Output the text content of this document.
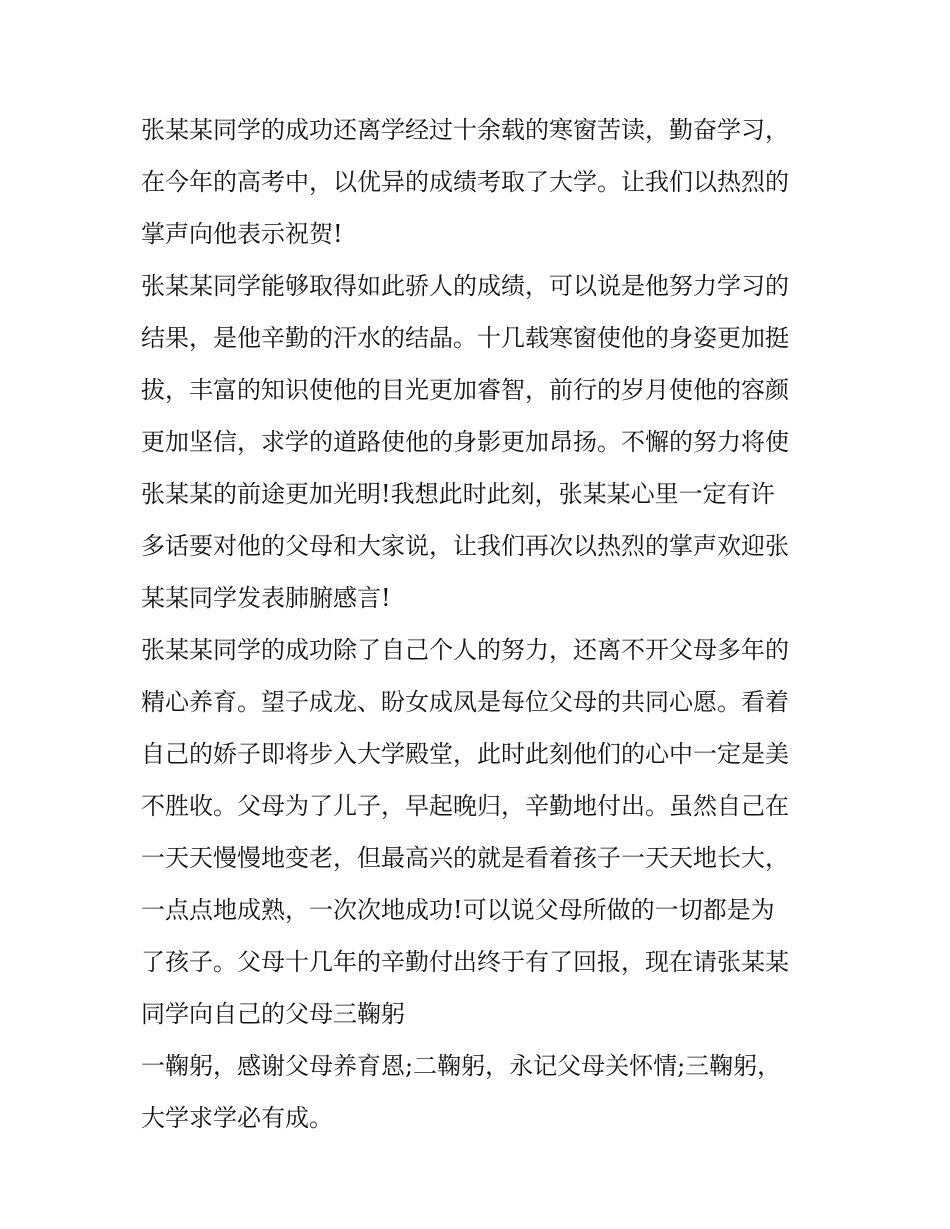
张某某同学的成功还离学经过十余载的寒窗苦读，勤奋学习，
在今年的高考中，以优异的成绩考取了大学。让我们以热烈的
掌声向他表示祝贺!
张某某同学能够取得如此骄人的成绩，可以说是他努力学习的
结果，是他辛勤的汗水的结晶。十几载寒窗使他的身姿更加挺
拔，丰富的知识使他的目光更加睿智，前行的岁月使他的容颜
更加坚信，求学的道路使他的身影更加昂扬。不懈的努力将使
张某某的前途更加光明!我想此时此刻，张某某心里一定有许
多话要对他的父母和大家说，让我们再次以热烈的掌声欢迎张
某某同学发表肺腑感言!
张某某同学的成功除了自己个人的努力，还离不开父母多年的
精心养育。望子成龙、盼女成凤是每位父母的共同心愿。看着
自己的娇子即将步入大学殿堂，此时此刻他们的心中一定是美
不胜收。父母为了儿子，早起晚归，辛勤地付出。虽然自己在
一天天慢慢地变老，但最高兴的就是看着孩子一天天地长大，
一点点地成熟，一次次地成功!可以说父母所做的一切都是为
了孩子。父母十几年的辛勤付出终于有了回报，现在请张某某
同学向自己的父母三鞠躬
一鞠躬，感谢父母养育恩;二鞠躬，永记父母关怀情;三鞠躬，
大学求学必有成。
